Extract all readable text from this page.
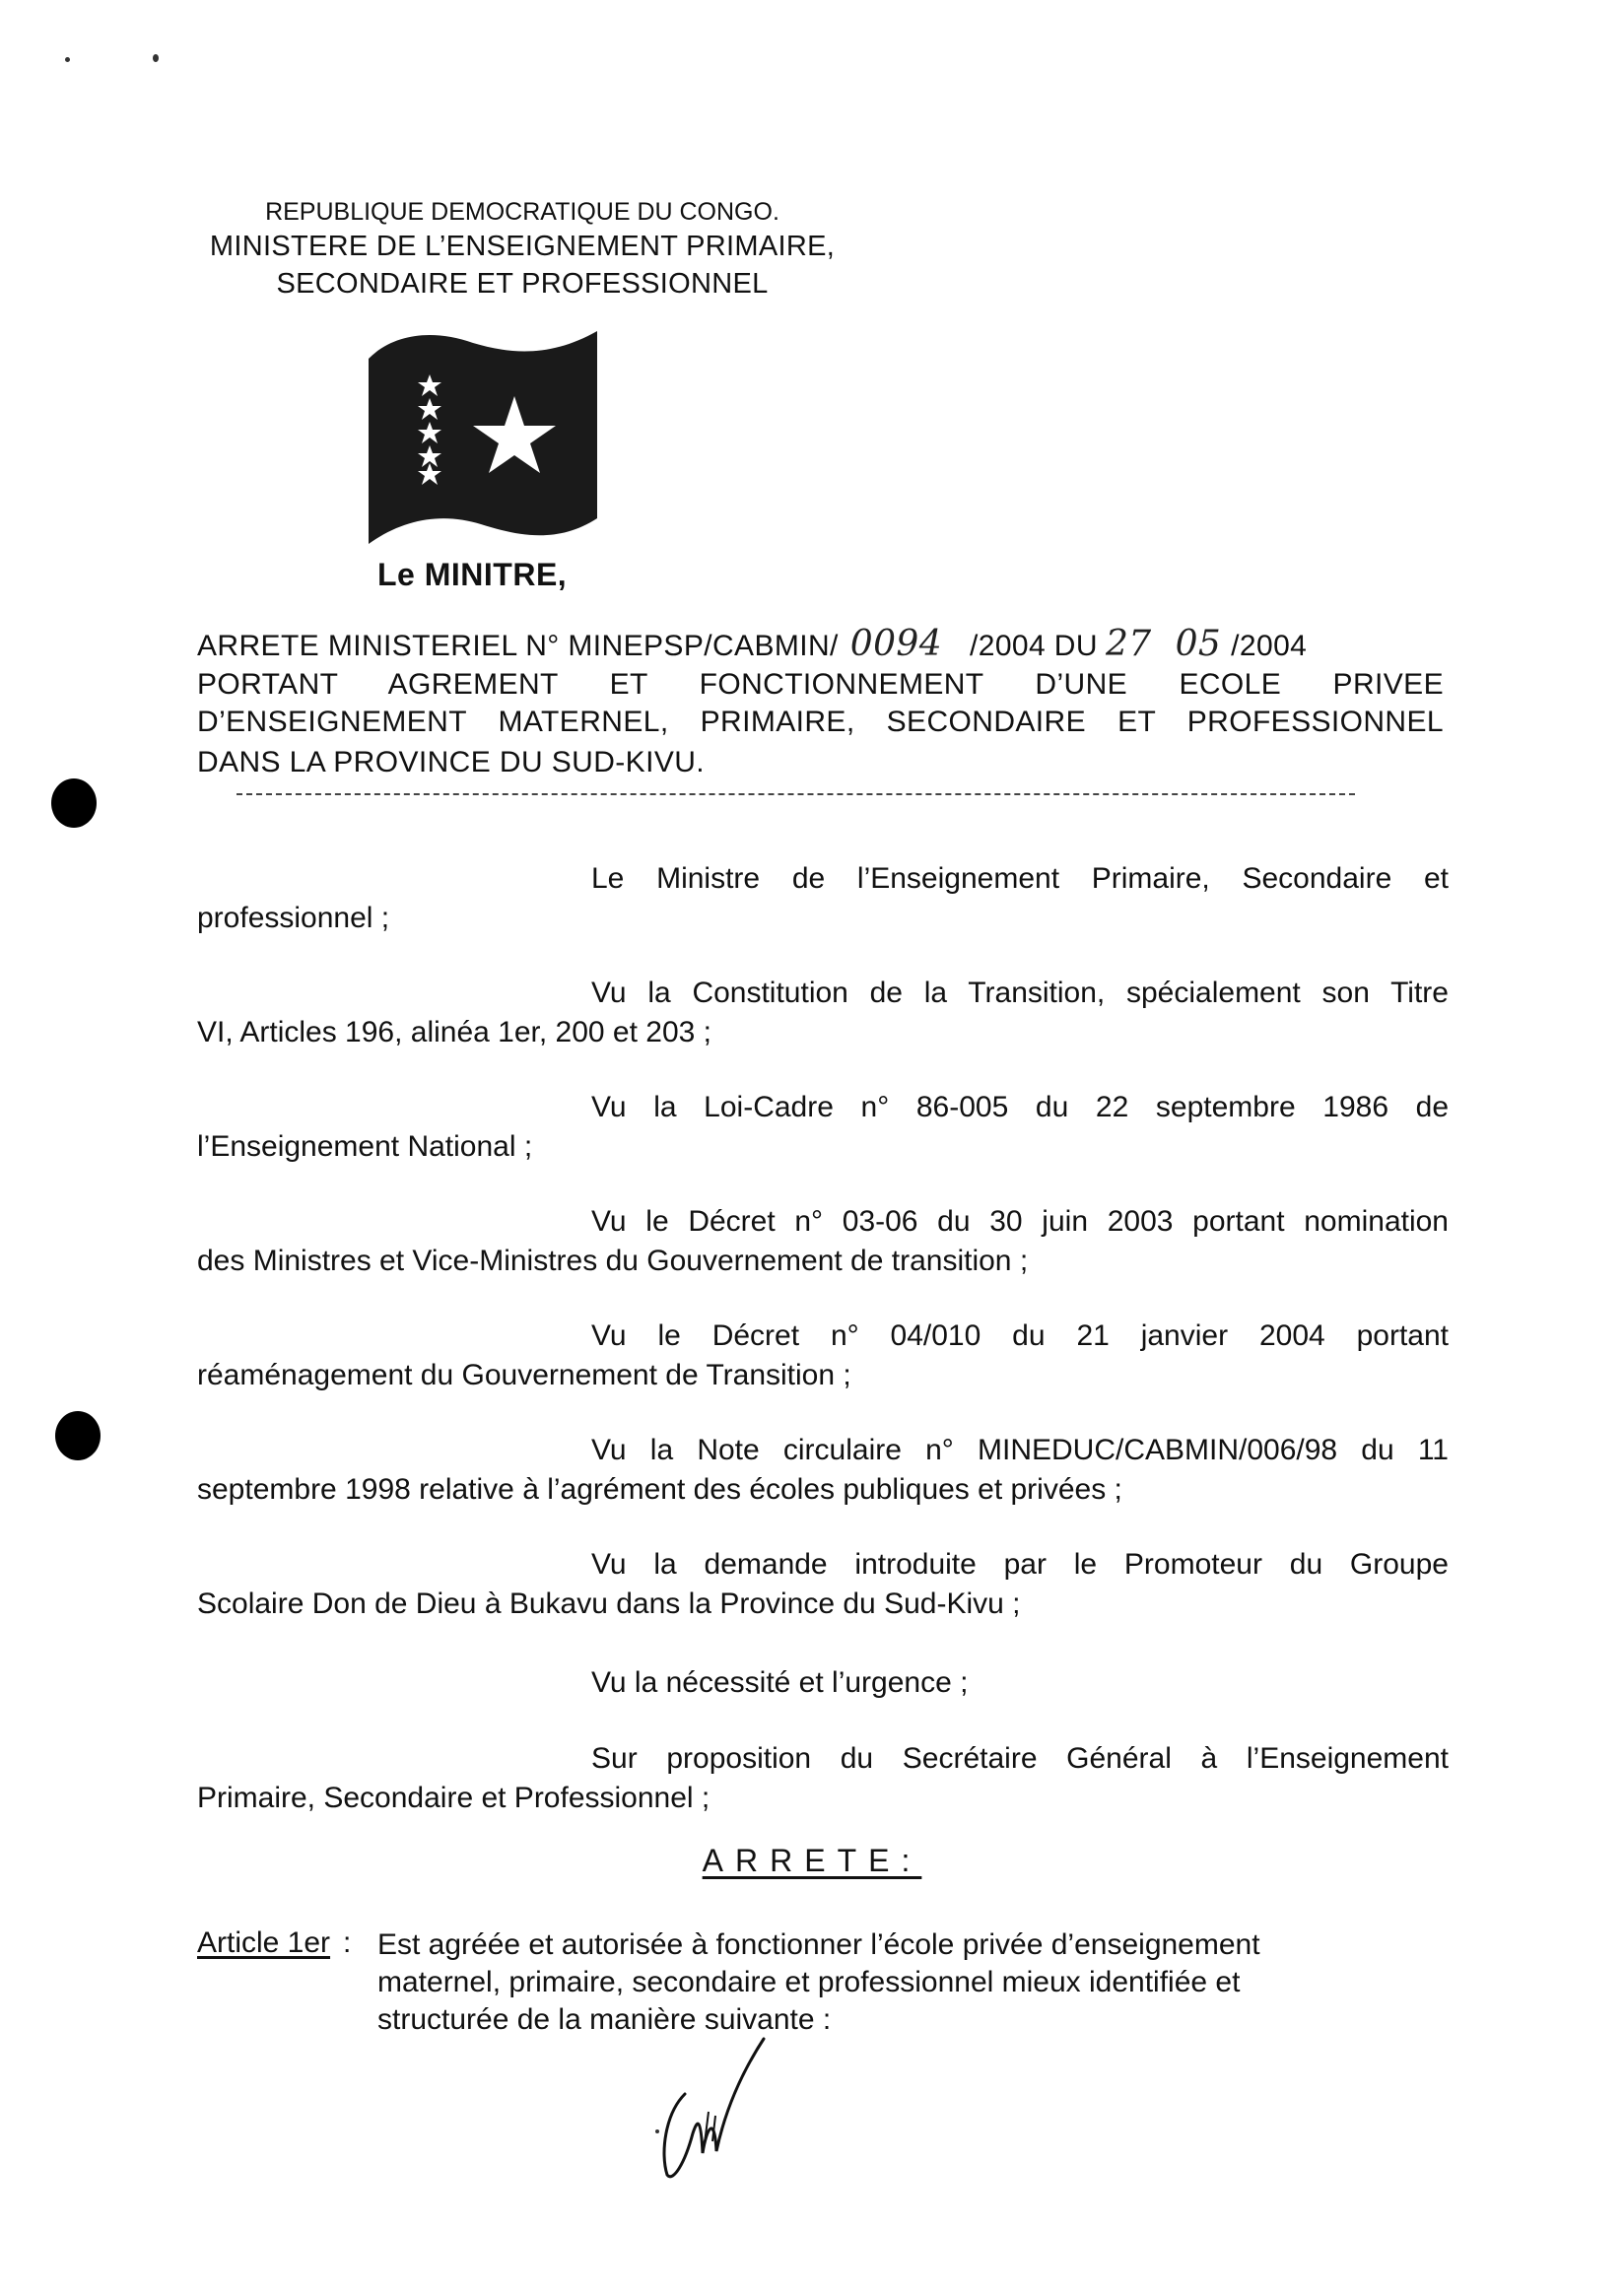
REPUBLIQUE DEMOCRATIQUE DU CONGO.
MINISTERE DE L’ENSEIGNEMENT PRIMAIRE,
SECONDAIRE ET PROFESSIONNEL
Le MINITRE,
ARRETE MINISTERIEL N° MINEPSP/CABMIN/ 0094 /2004 DU 27 05 /2004
PORTANT AGREMENT ET FONCTIONNEMENT D’UNE ECOLE PRIVEE
D’ENSEIGNEMENT MATERNEL, PRIMAIRE, SECONDAIRE ET PROFESSIONNEL
DANS LA PROVINCE DU SUD-KIVU.
Le Ministre de l’Enseignement Primaire, Secondaire et
professionnel ;
Vu la Constitution de la Transition, spécialement son Titre
VI, Articles 196, alinéa 1er, 200 et 203 ;
Vu la Loi-Cadre n° 86-005 du 22 septembre 1986 de
l’Enseignement National ;
Vu le Décret n° 03-06 du 30 juin 2003 portant nomination
des Ministres et Vice-Ministres du Gouvernement de transition ;
Vu le Décret n° 04/010 du 21 janvier 2004 portant
réaménagement du Gouvernement de Transition ;
Vu la Note circulaire n° MINEDUC/CABMIN/006/98 du 11
septembre 1998 relative à l’agrément des écoles publiques et privées ;
Vu la demande introduite par le Promoteur du Groupe
Scolaire Don de Dieu à Bukavu dans la Province du Sud-Kivu ;
Vu la nécessité et l’urgence ;
Sur proposition du Secrétaire Général à l’Enseignement
Primaire, Secondaire et Professionnel ;
ARRETE:
Article 1er : Est agréée et autorisée à fonctionner l’école privée d’enseignement
maternel, primaire, secondaire et professionnel mieux identifiée et
structurée de la manière suivante :
